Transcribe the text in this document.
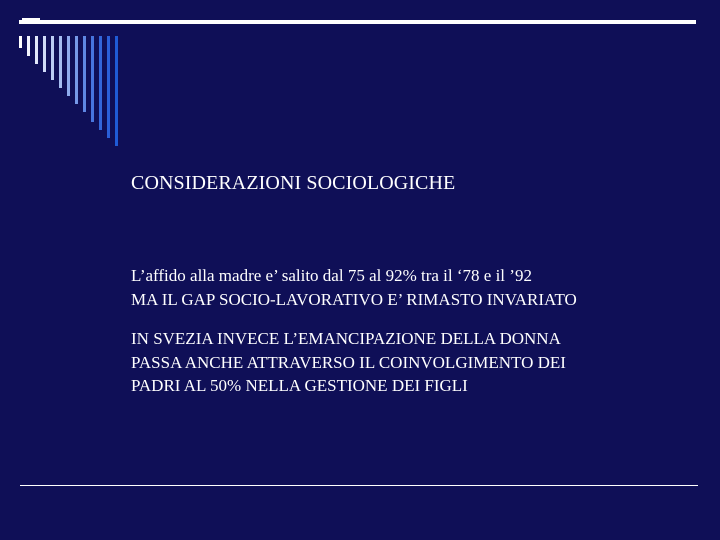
CONSIDERAZIONI SOCIOLOGICHE

L’affido alla madre e’ salito dal 75 al 92% tra il ‘78 e il ’92
MA IL GAP SOCIO-LAVORATIVO E’ RIMASTO INVARIATO

IN SVEZIA INVECE L’EMANCIPAZIONE DELLA DONNA
PASSA ANCHE ATTRAVERSO IL COINVOLGIMENTO DEI
PADRI AL 50% NELLA GESTIONE DEI FIGLI
